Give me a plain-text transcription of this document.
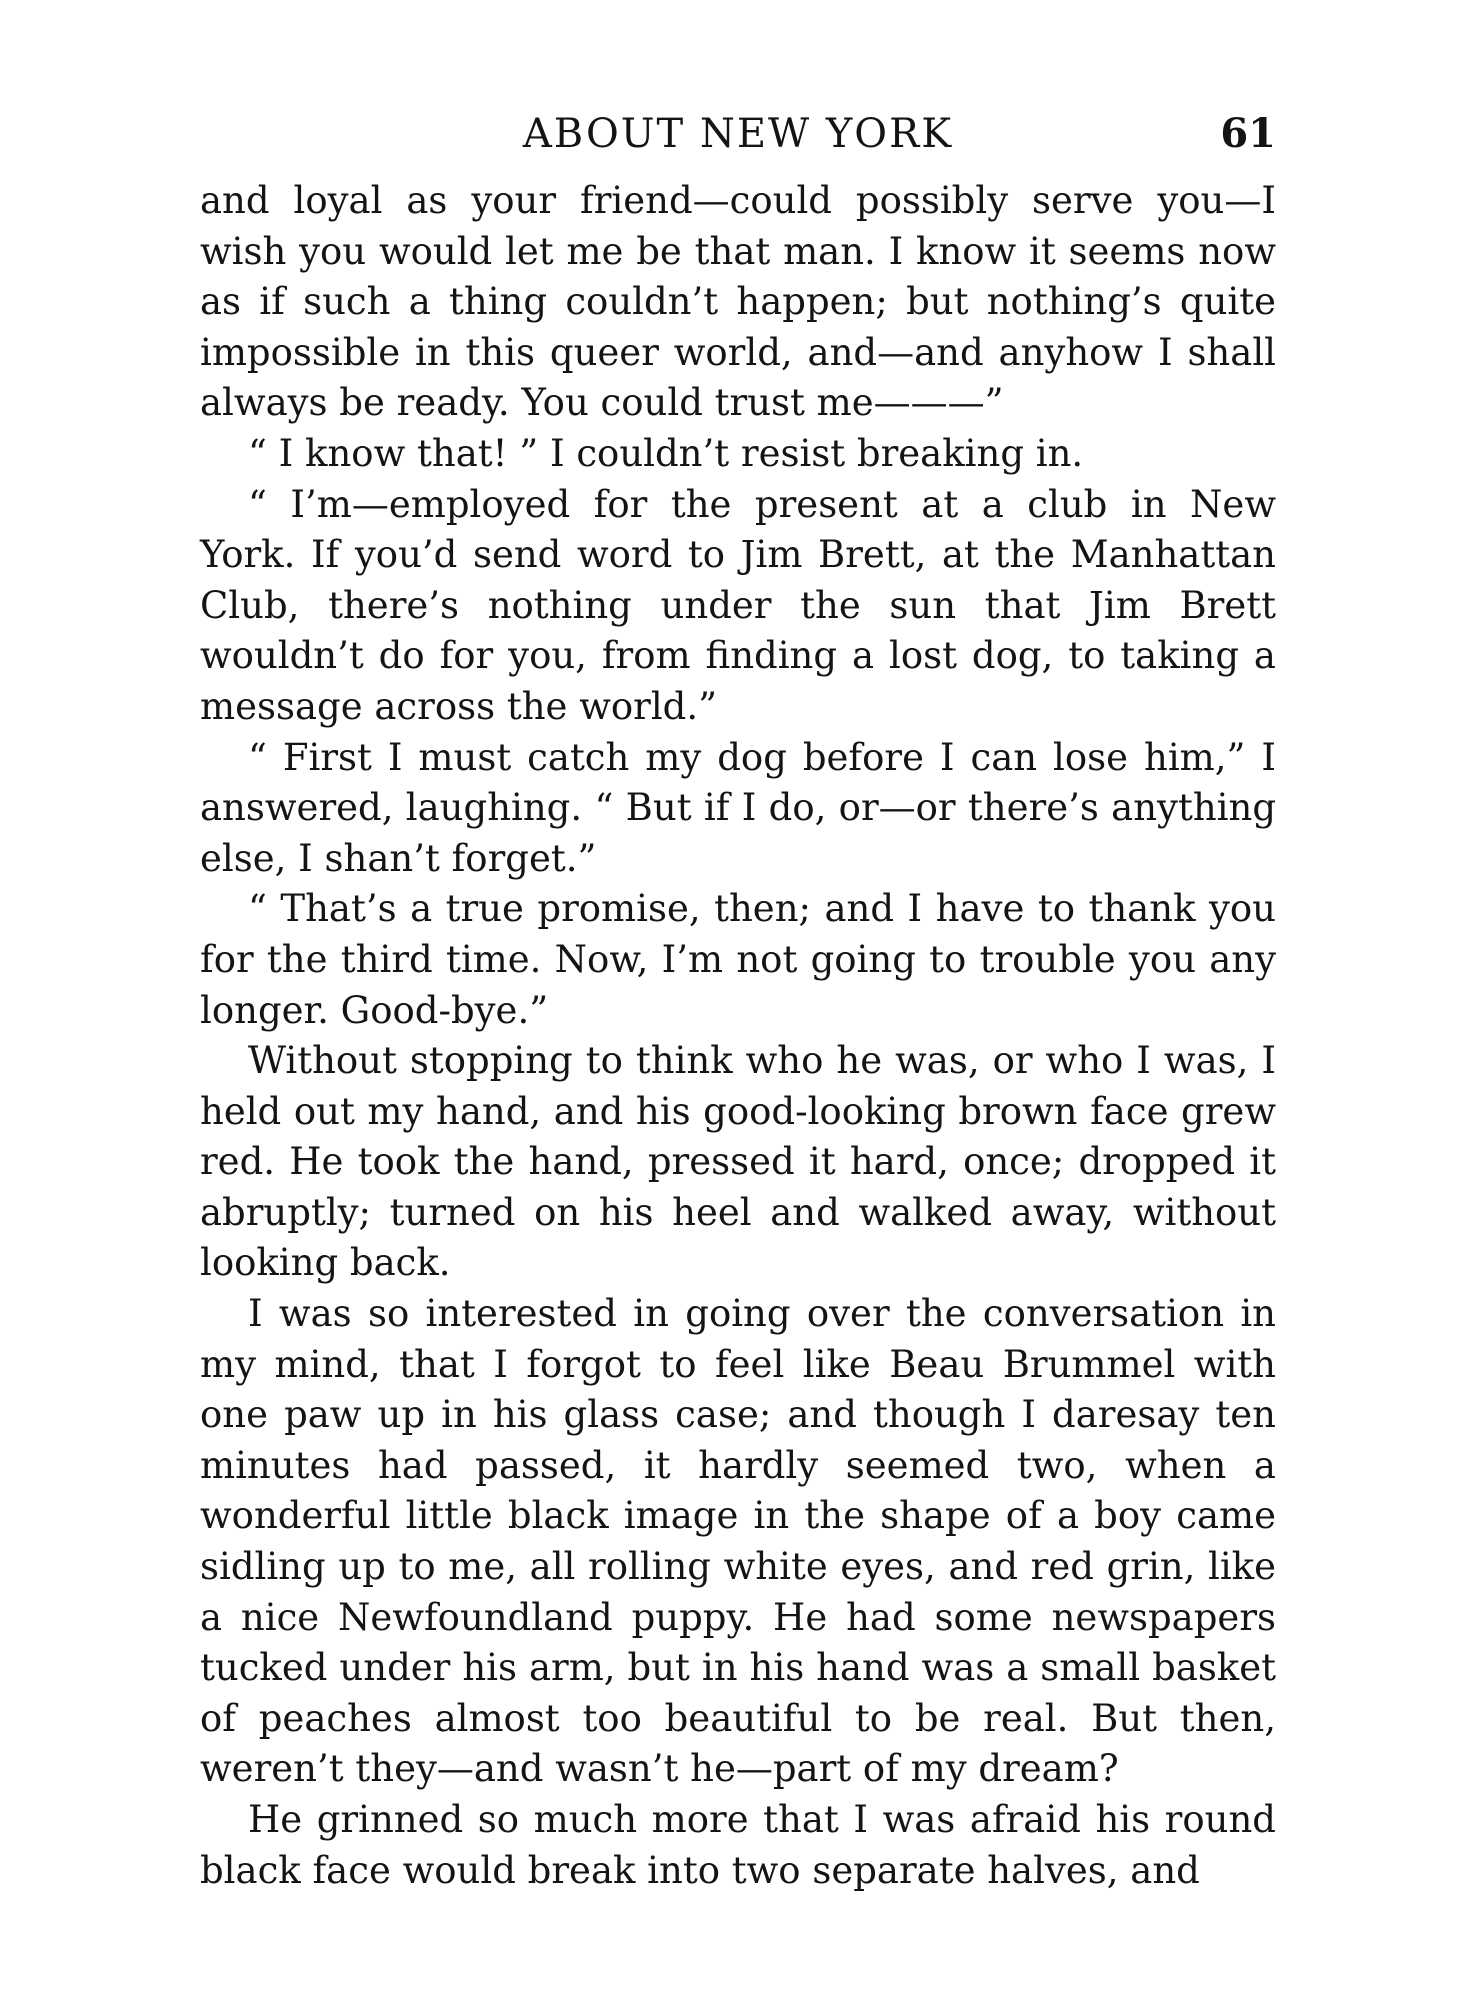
ABOUT NEW YORK	61

and loyal as your friend—could possibly serve you—I wish you would let me be that man. I know it seems now as if such a thing couldn’t happen; but nothing’s quite impossible in this queer world, and—and anyhow I shall always be ready. You could trust me———”

“ I know that! ” I couldn’t resist breaking in.

“ I’m—employed for the present at a club in New York. If you’d send word to Jim Brett, at the Manhattan Club, there’s nothing under the sun that Jim Brett wouldn’t do for you, from finding a lost dog, to taking a message across the world.”

“ First I must catch my dog before I can lose him,” I answered, laughing. “ But if I do, or—or there’s anything else, I shan’t forget.”

“ That’s a true promise, then; and I have to thank you for the third time. Now, I’m not going to trouble you any longer. Good-bye.”

Without stopping to think who he was, or who I was, I held out my hand, and his good-looking brown face grew red. He took the hand, pressed it hard, once; dropped it abruptly; turned on his heel and walked away, without looking back.

I was so interested in going over the conversation in my mind, that I forgot to feel like Beau Brummel with one paw up in his glass case; and though I daresay ten minutes had passed, it hardly seemed two, when a wonderful little black image in the shape of a boy came sidling up to me, all rolling white eyes, and red grin, like a nice Newfoundland puppy. He had some newspapers tucked under his arm, but in his hand was a small basket of peaches almost too beautiful to be real. But then, weren’t they—and wasn’t he—part of my dream?

He grinned so much more that I was afraid his round black face would break into two separate halves, and
